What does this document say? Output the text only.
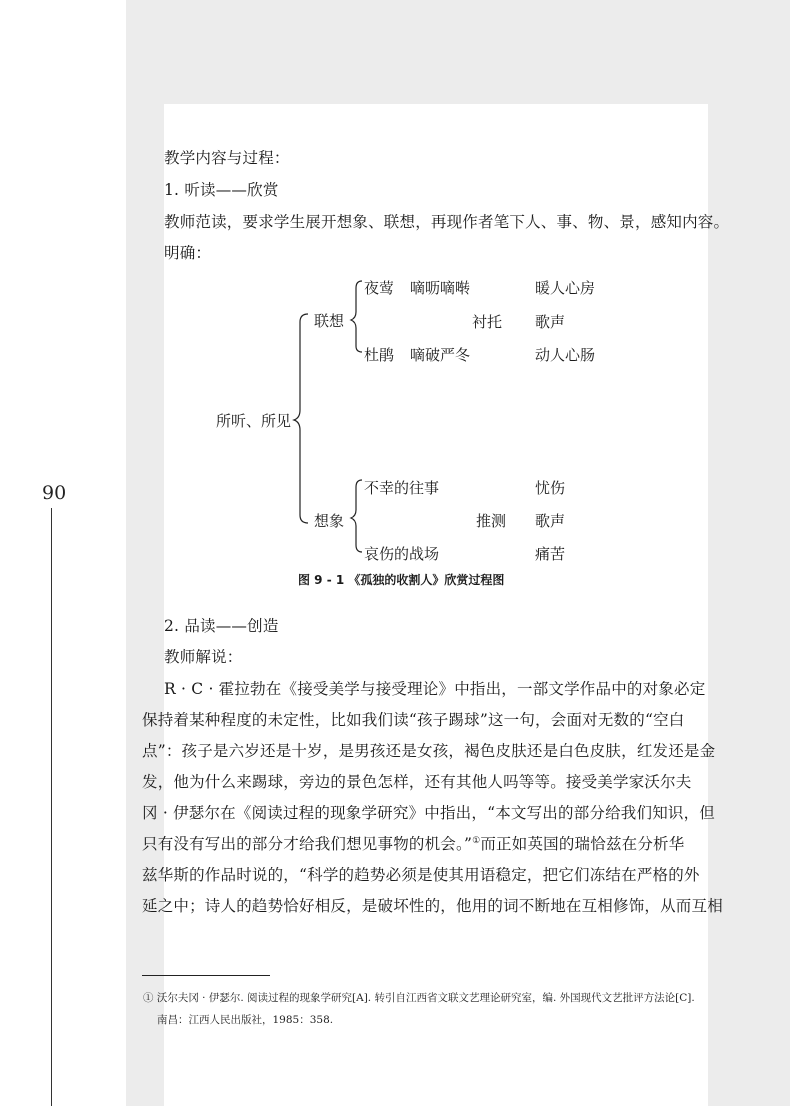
90
教学内容与过程：
1. 听读——欣赏
教师范读，要求学生展开想象、联想，再现作者笔下人、事、物、景，感知内容。
明确：
所听、所见
联想
想象
夜莺 嘀呖嘀啭	暖人心房
衬托 歌声
杜鹃 嘀破严冬	动人心肠
不幸的往事	忧伤
推测 歌声
哀伤的战场	痛苦
图 9 - 1 《孤独的收割人》欣赏过程图
2. 品读——创造
教师解说：
R · C · 霍拉勃在《接受美学与接受理论》中指出，一部文学作品中的对象必定
保持着某种程度的未定性，比如我们读“孩子踢球”这一句，会面对无数的“空白
点”：孩子是六岁还是十岁，是男孩还是女孩，褐色皮肤还是白色皮肤，红发还是金
发，他为什么来踢球，旁边的景色怎样，还有其他人吗等等。接受美学家沃尔夫
冈 · 伊瑟尔在《阅读过程的现象学研究》中指出，“本文写出的部分给我们知识，但
只有没有写出的部分才给我们想见事物的机会。”①而正如英国的瑞恰兹在分析华
兹华斯的作品时说的，“科学的趋势必须是使其用语稳定，把它们冻结在严格的外
延之中；诗人的趋势恰好相反，是破坏性的，他用的词不断地在互相修饰，从而互相
① 沃尔夫冈 · 伊瑟尔. 阅读过程的现象学研究[A]. 转引自江西省文联文艺理论研究室，编. 外国现代文艺批评方法论[C].
南昌：江西人民出版社，1985：358.
